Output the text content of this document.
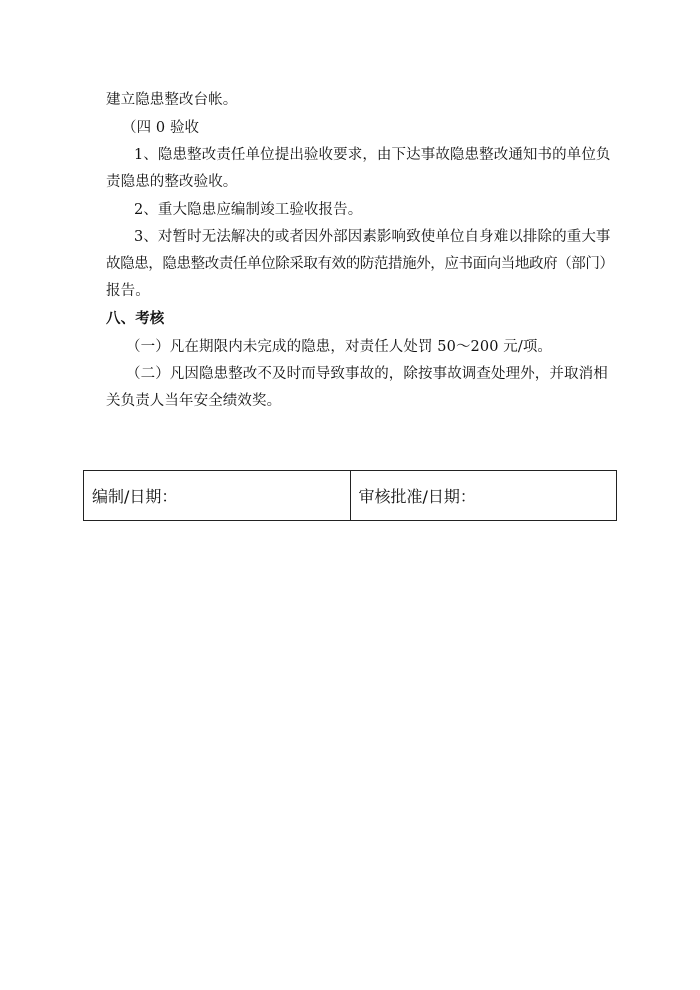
建立隐患整改台帐。
（四 0 验收
1、隐患整改责任单位提出验收要求，由下达事故隐患整改通知书的单位负
责隐患的整改验收。
2、重大隐患应编制竣工验收报告。
3、对暂时无法解决的或者因外部因素影响致使单位自身难以排除的重大事
故隐患，隐患整改责任单位除采取有效的防范措施外，应书面向当地政府（部门）
报告。
八、考核
（一）凡在期限内未完成的隐患，对责任人处罚 50～200 元/项。
（二）凡因隐患整改不及时而导致事故的，除按事故调查处理外，并取消相
关负责人当年安全绩效奖。
编制/日期：	审核批准/日期：
